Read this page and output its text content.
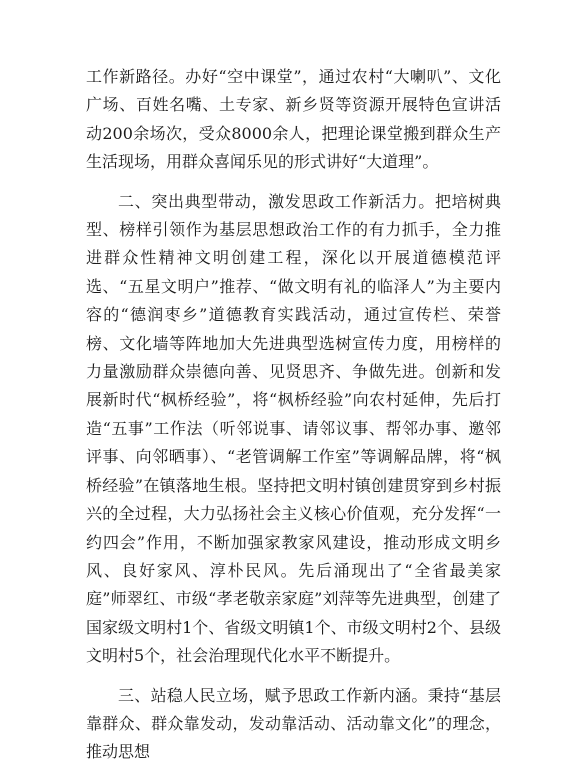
工作新路径。办好“空中课堂”，通过农村“大喇叭”、文化广场、百姓名嘴、土专家、新乡贤等资源开展特色宣讲活动200余场次，受众8000余人，把理论课堂搬到群众生产生活现场，用群众喜闻乐见的形式讲好“大道理”。

二、突出典型带动，激发思政工作新活力。把培树典型、榜样引领作为基层思想政治工作的有力抓手，全力推进群众性精神文明创建工程，深化以开展道德模范评选、“五星文明户”推荐、“做文明有礼的临泽人”为主要内容的“德润枣乡”道德教育实践活动，通过宣传栏、荣誉榜、文化墙等阵地加大先进典型选树宣传力度，用榜样的力量激励群众崇德向善、见贤思齐、争做先进。创新和发展新时代“枫桥经验”，将“枫桥经验”向农村延伸，先后打造“五事”工作法（听邻说事、请邻议事、帮邻办事、邀邻评事、向邻晒事）、“老管调解工作室”等调解品牌，将“枫桥经验”在镇落地生根。坚持把文明村镇创建贯穿到乡村振兴的全过程，大力弘扬社会主义核心价值观，充分发挥“一约四会”作用，不断加强家教家风建设，推动形成文明乡风、良好家风、淳朴民风。先后涌现出了“全省最美家庭”师翠红、市级“孝老敬亲家庭”刘萍等先进典型，创建了国家级文明村1个、省级文明镇1个、市级文明村2个、县级文明村5个，社会治理现代化水平不断提升。

三、站稳人民立场，赋予思政工作新内涵。秉持“基层靠群众、群众靠发动，发动靠活动、活动靠文化”的理念，推动思想
